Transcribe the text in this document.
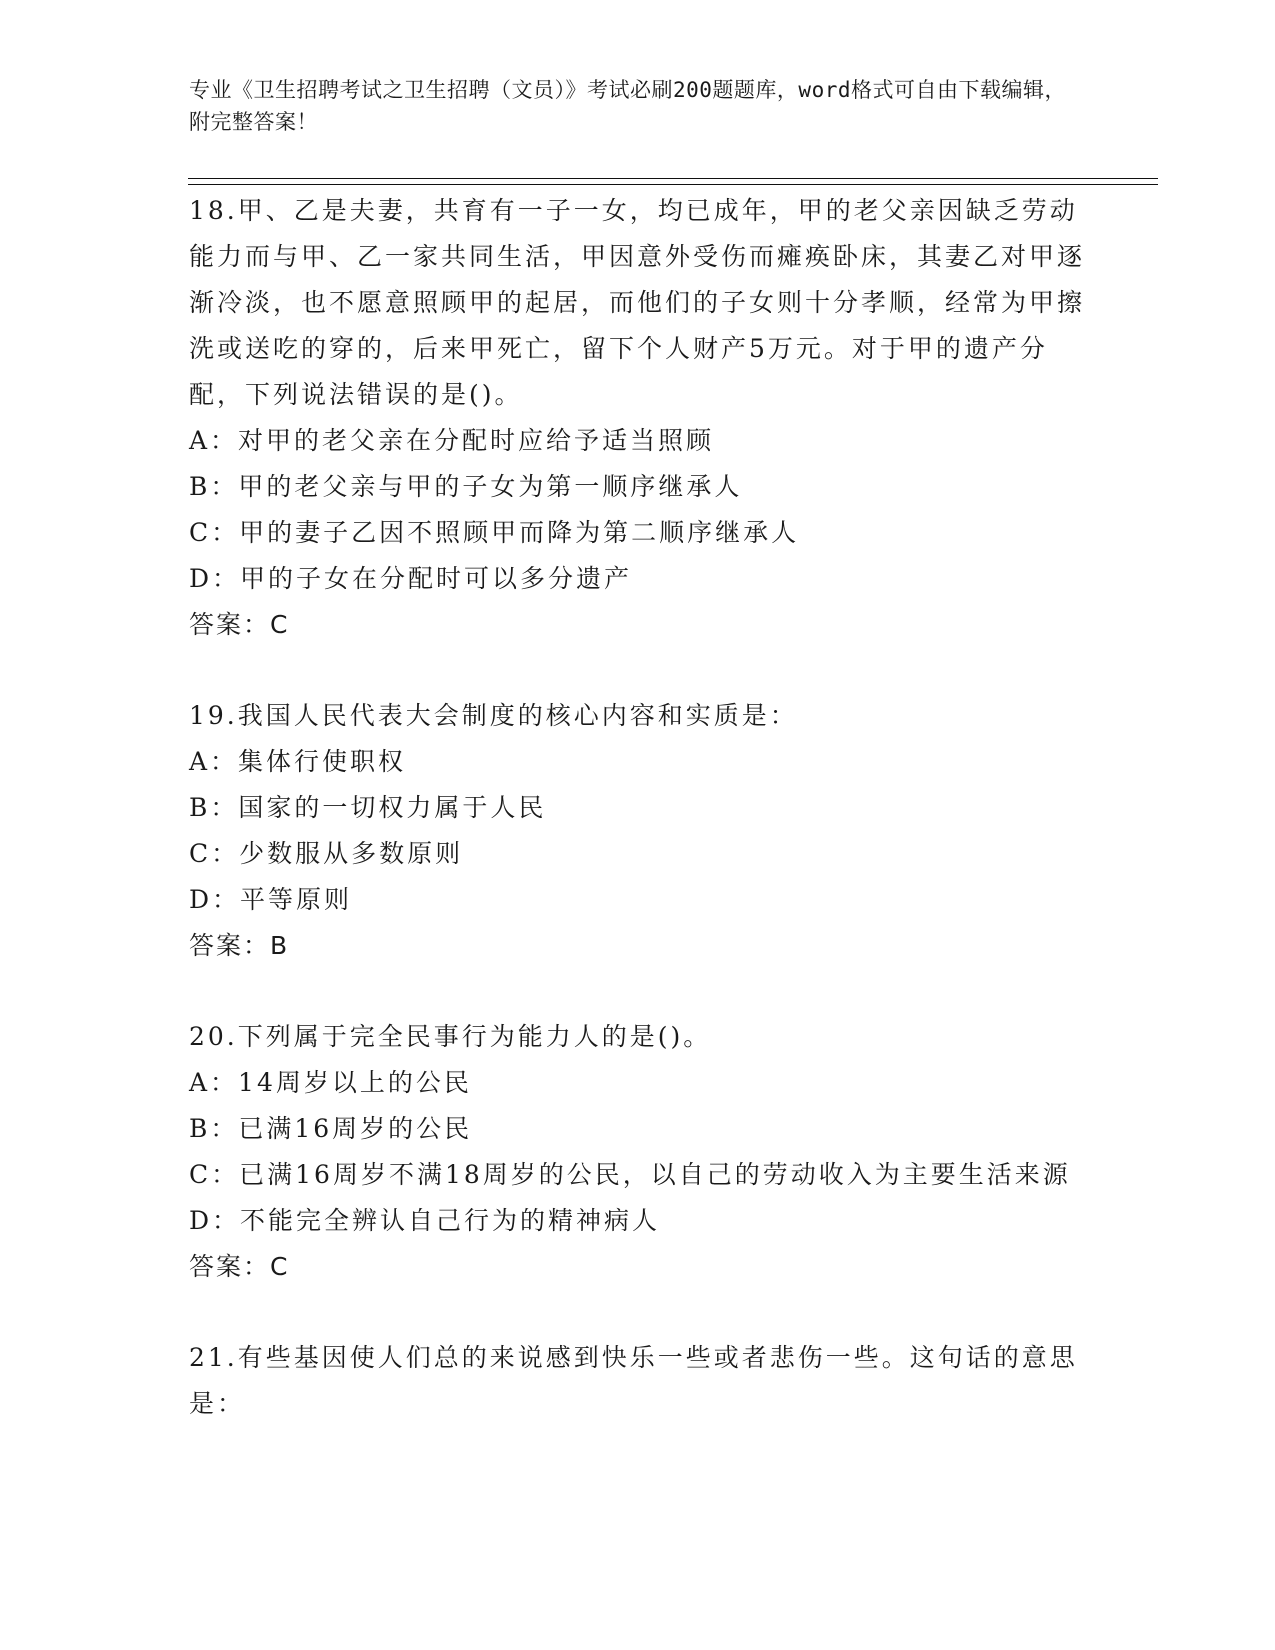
专业《卫生招聘考试之卫生招聘（文员）》考试必刷200题题库，word格式可自由下载编辑，附完整答案！

18.甲、乙是夫妻，共育有一子一女，均已成年，甲的老父亲因缺乏劳动能力而与甲、乙一家共同生活，甲因意外受伤而瘫痪卧床，其妻乙对甲逐渐冷淡，也不愿意照顾甲的起居，而他们的子女则十分孝顺，经常为甲擦洗或送吃的穿的，后来甲死亡，留下个人财产5万元。对于甲的遗产分配，下列说法错误的是()。

A：对甲的老父亲在分配时应给予适当照顾

B：甲的老父亲与甲的子女为第一顺序继承人

C：甲的妻子乙因不照顾甲而降为第二顺序继承人

D：甲的子女在分配时可以多分遗产

答案：C

19.我国人民代表大会制度的核心内容和实质是：

A：集体行使职权

B：国家的一切权力属于人民

C：少数服从多数原则

D：平等原则

答案：B

20.下列属于完全民事行为能力人的是()。

A：14周岁以上的公民

B：已满16周岁的公民

C：已满16周岁不满18周岁的公民，以自己的劳动收入为主要生活来源

D：不能完全辨认自己行为的精神病人

答案：C

21.有些基因使人们总的来说感到快乐一些或者悲伤一些。这句话的意思是：
